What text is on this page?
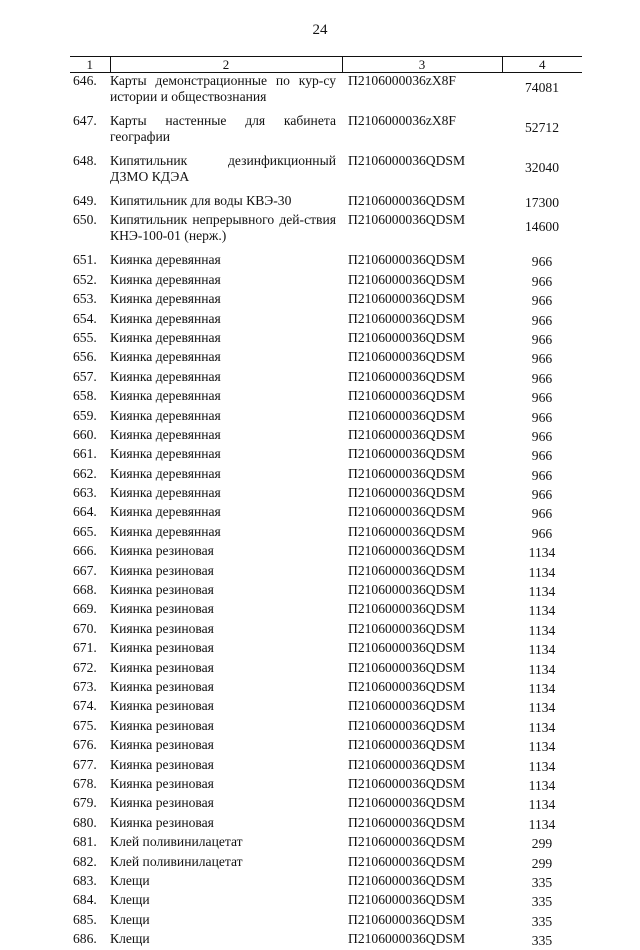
24
1	2	3	4
646.	Карты демонстрационные по кур-су истории и обществознания	П2106000036zX8F	74081
647.	Карты настенные для кабинета географии	П2106000036zX8F	52712
648.	Кипятильник дезинфикционный ДЗМО КДЭА	П2106000036QDSM	32040
649.	Кипятильник для воды КВЭ-30	П2106000036QDSM	17300
650.	Кипятильник непрерывного дей-ствия КНЭ-100-01 (нерж.)	П2106000036QDSM	14600
651.	Киянка деревянная	П2106000036QDSM	966
652.	Киянка деревянная	П2106000036QDSM	966
653.	Киянка деревянная	П2106000036QDSM	966
654.	Киянка деревянная	П2106000036QDSM	966
655.	Киянка деревянная	П2106000036QDSM	966
656.	Киянка деревянная	П2106000036QDSM	966
657.	Киянка деревянная	П2106000036QDSM	966
658.	Киянка деревянная	П2106000036QDSM	966
659.	Киянка деревянная	П2106000036QDSM	966
660.	Киянка деревянная	П2106000036QDSM	966
661.	Киянка деревянная	П2106000036QDSM	966
662.	Киянка деревянная	П2106000036QDSM	966
663.	Киянка деревянная	П2106000036QDSM	966
664.	Киянка деревянная	П2106000036QDSM	966
665.	Киянка деревянная	П2106000036QDSM	966
666.	Киянка резиновая	П2106000036QDSM	1134
667.	Киянка резиновая	П2106000036QDSM	1134
668.	Киянка резиновая	П2106000036QDSM	1134
669.	Киянка резиновая	П2106000036QDSM	1134
670.	Киянка резиновая	П2106000036QDSM	1134
671.	Киянка резиновая	П2106000036QDSM	1134
672.	Киянка резиновая	П2106000036QDSM	1134
673.	Киянка резиновая	П2106000036QDSM	1134
674.	Киянка резиновая	П2106000036QDSM	1134
675.	Киянка резиновая	П2106000036QDSM	1134
676.	Киянка резиновая	П2106000036QDSM	1134
677.	Киянка резиновая	П2106000036QDSM	1134
678.	Киянка резиновая	П2106000036QDSM	1134
679.	Киянка резиновая	П2106000036QDSM	1134
680.	Киянка резиновая	П2106000036QDSM	1134
681.	Клей поливинилацетат	П2106000036QDSM	299
682.	Клей поливинилацетат	П2106000036QDSM	299
683.	Клещи	П2106000036QDSM	335
684.	Клещи	П2106000036QDSM	335
685.	Клещи	П2106000036QDSM	335
686.	Клещи	П2106000036QDSM	335
